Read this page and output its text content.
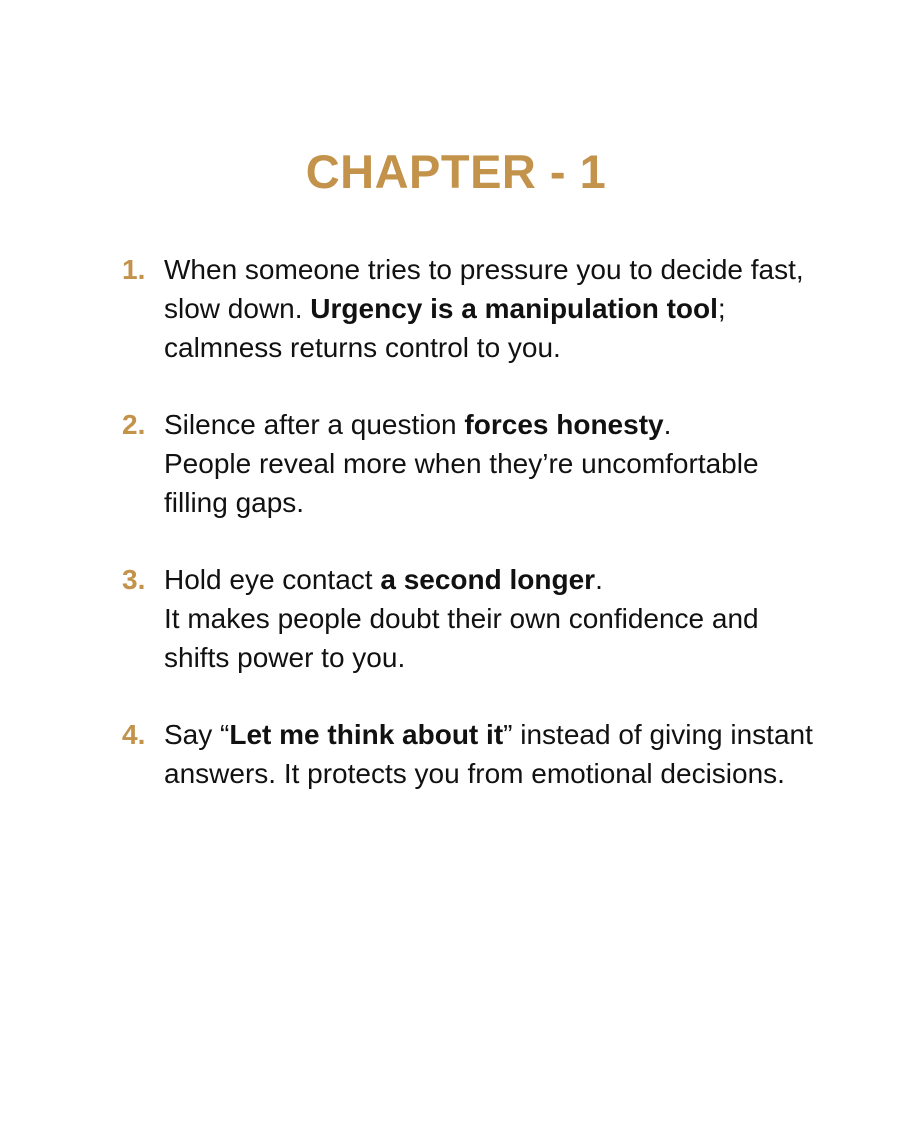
CHAPTER - 1
1. When someone tries to pressure you to decide fast, slow down. Urgency is a manipulation tool; calmness returns control to you.
2. Silence after a question forces honesty.
People reveal more when they’re uncomfortable filling gaps.
3. Hold eye contact a second longer.
It makes people doubt their own confidence and shifts power to you.
4. Say “Let me think about it” instead of giving instant answers. It protects you from emotional decisions.
